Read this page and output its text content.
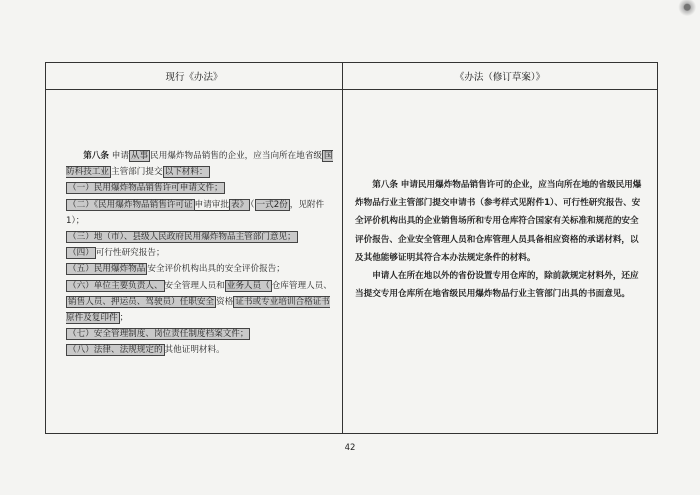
现行《办法》	《办法（修订草案）》

第八条 申请 从事 民用爆炸物品销售的企业，应当向所在地省级 国防科技工业 主管部门提交 以下材料：

（一）民用爆炸物品销售许可申请文件；

（二）《民用爆炸物品销售许可证 申请审批 表》 （ 一式2份 ，见附件1）；

（三）地（市）、县级人民政府民用爆炸物品主管部门意见；

（四） 可行性研究报告；

（五）民用爆炸物品 安全评价机构出具的安全评价报告；

（六）单位主要负责人、 安全管理人员和 业务人员（ 仓库管理人员、销售人员、押运员、驾驶员）任职安全 资格 证书或专业培训合格证书原件及复印件 ；

（七）安全管理制度、岗位责任制度档案文件；

（八）法律、法规规定的 其他证明材料。

第八条 申请民用爆炸物品销售许可的企业，应当向所在地的省级民用爆炸物品行业主管部门提交申请书（参考样式见附件1）、可行性研究报告、安全评价机构出具的企业销售场所和专用仓库符合国家有关标准和规范的安全评价报告、企业安全管理人员和仓库管理人员具备相应资格的承诺材料，以及其他能够证明其符合本办法规定条件的材料。

申请人在所在地以外的省份设置专用仓库的，除前款规定材料外，还应当提交专用仓库所在地省级民用爆炸物品行业主管部门出具的书面意见。

42
